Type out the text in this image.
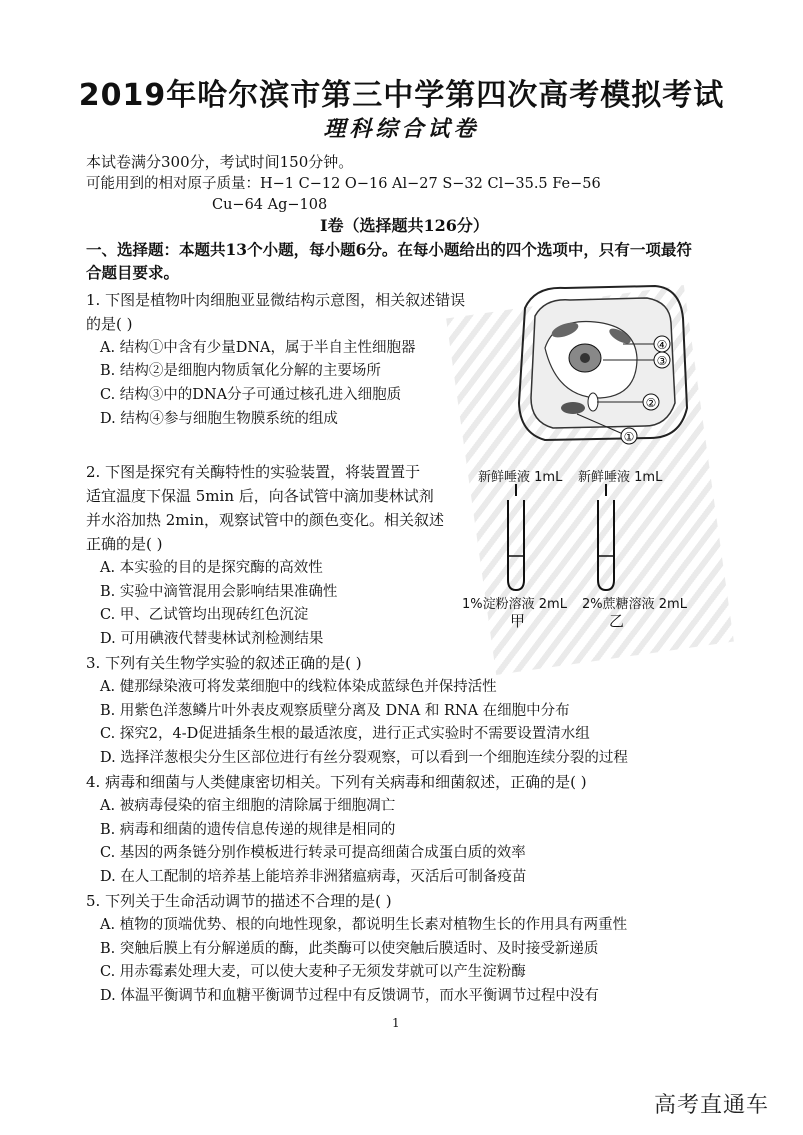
2019年哈尔滨市第三中学第四次高考模拟考试
理科综合试卷
本试卷满分300分，考试时间150分钟。
可能用到的相对原子质量：H−1 C−12 O−16 Al−27 S−32 Cl−35.5 Fe−56
Cu−64 Ag−108
Ⅰ卷（选择题共126分）
一、选择题：本题共13个小题，每小题6分。在每小题给出的四个选项中，只有一项最符
合题目要求。
1. 下图是植物叶肉细胞亚显微结构示意图，相关叙述错误
的是( )
A. 结构①中含有少量DNA，属于半自主性细胞器
B. 结构②是细胞内物质氧化分解的主要场所
C. 结构③中的DNA分子可通过核孔进入细胞质
D. 结构④参与细胞生物膜系统的组成
④
③
②
①
2. 下图是探究有关酶特性的实验装置，将装置置于
适宜温度下保温 5min 后，向各试管中滴加斐林试剂
并水浴加热 2min，观察试管中的颜色变化。相关叙述
正确的是( )
A. 本实验的目的是探究酶的高效性
B. 实验中滴管混用会影响结果准确性
C. 甲、乙试管均出现砖红色沉淀
D. 可用碘液代替斐林试剂检测结果
新鲜唾液 1mL 新鲜唾液 1mL
1%淀粉溶液 2mL 2%蔗糖溶液 2mL
甲	乙
3. 下列有关生物学实验的叙述正确的是( )
A. 健那绿染液可将发菜细胞中的线粒体染成蓝绿色并保持活性
B. 用紫色洋葱鳞片叶外表皮观察质壁分离及 DNA 和 RNA 在细胞中分布
C. 探究2，4-D促进插条生根的最适浓度，进行正式实验时不需要设置清水组
D. 选择洋葱根尖分生区部位进行有丝分裂观察，可以看到一个细胞连续分裂的过程
4. 病毒和细菌与人类健康密切相关。下列有关病毒和细菌叙述，正确的是( )
A. 被病毒侵染的宿主细胞的清除属于细胞凋亡
B. 病毒和细菌的遗传信息传递的规律是相同的
C. 基因的两条链分别作模板进行转录可提高细菌合成蛋白质的效率
D. 在人工配制的培养基上能培养非洲猪瘟病毒，灭活后可制备疫苗
5. 下列关于生命活动调节的描述不合理的是( )
A. 植物的顶端优势、根的向地性现象，都说明生长素对植物生长的作用具有两重性
B. 突触后膜上有分解递质的酶，此类酶可以使突触后膜适时、及时接受新递质
C. 用赤霉素处理大麦，可以使大麦种子无须发芽就可以产生淀粉酶
D. 体温平衡调节和血糖平衡调节过程中有反馈调节，而水平衡调节过程中没有
1
高考直通车
